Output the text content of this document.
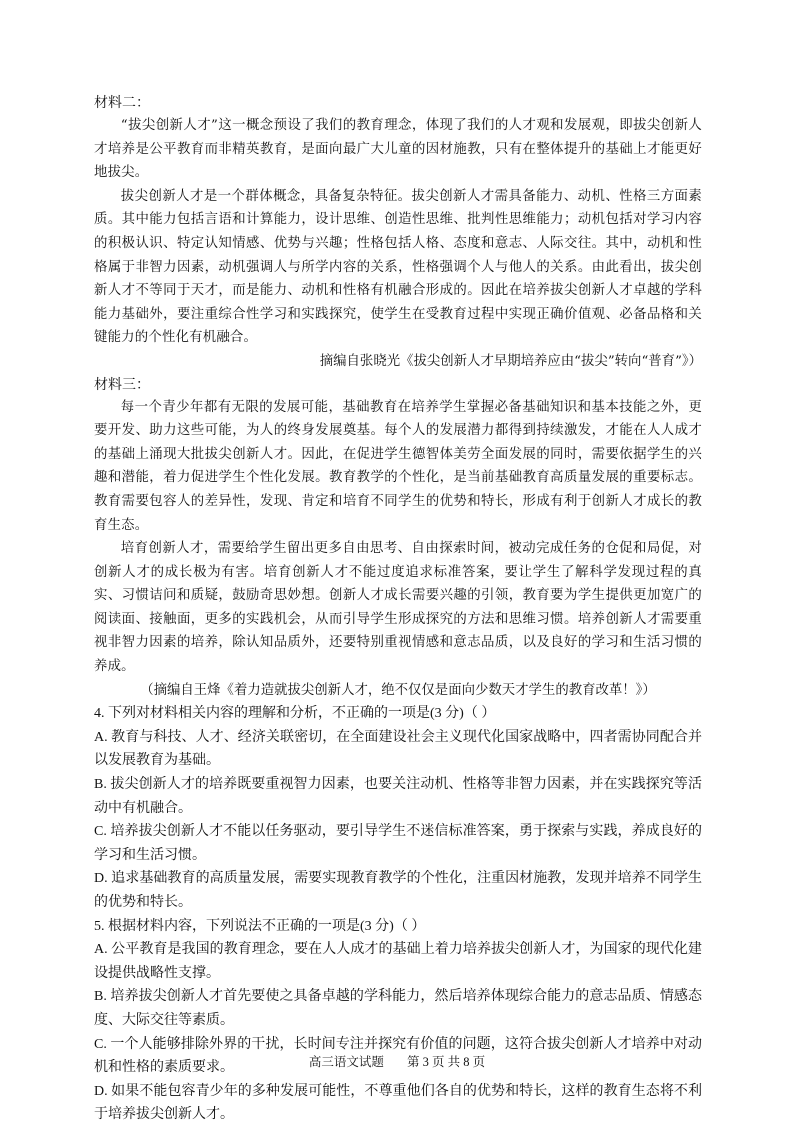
材料二：

“拔尖创新人才”这一概念预设了我们的教育理念，体现了我们的人才观和发展观，即拔尖创新人才培养是公平教育而非精英教育，是面向最广大儿童的因材施教，只有在整体提升的基础上才能更好地拔尖。

拔尖创新人才是一个群体概念，具备复杂特征。拔尖创新人才需具备能力、动机、性格三方面素质。其中能力包括言语和计算能力，设计思维、创造性思维、批判性思维能力；动机包括对学习内容的积极认识、特定认知情感、优势与兴趣；性格包括人格、态度和意志、人际交往。其中，动机和性格属于非智力因素，动机强调人与所学内容的关系，性格强调个人与他人的关系。由此看出，拔尖创新人才不等同于天才，而是能力、动机和性格有机融合形成的。因此在培养拔尖创新人才卓越的学科能力基础外，要注重综合性学习和实践探究，使学生在受教育过程中实现正确价值观、必备品格和关键能力的个性化有机融合。

摘编自张晓光《拔尖创新人才早期培养应由“拔尖”转向“普育”》）

材料三：

每一个青少年都有无限的发展可能，基础教育在培养学生掌握必备基础知识和基本技能之外，更要开发、助力这些可能，为人的终身发展奠基。每个人的发展潜力都得到持续激发，才能在人人成才的基础上涌现大批拔尖创新人才。因此，在促进学生德智体美劳全面发展的同时，需要依据学生的兴趣和潜能，着力促进学生个性化发展。教育教学的个性化，是当前基础教育高质量发展的重要标志。教育需要包容人的差异性，发现、肯定和培育不同学生的优势和特长，形成有利于创新人才成长的教育生态。

培育创新人才，需要给学生留出更多自由思考、自由探索时间，被动完成任务的仓促和局促，对创新人才的成长极为有害。培育创新人才不能过度追求标准答案，要让学生了解科学发现过程的真实、习惯诘问和质疑，鼓励奇思妙想。创新人才成长需要兴趣的引领，教育要为学生提供更加宽广的阅读面、接触面，更多的实践机会，从而引导学生形成探究的方法和思维习惯。培养创新人才需要重视非智力因素的培养，除认知品质外，还要特别重视情感和意志品质，以及良好的学习和生活习惯的养成。

（摘编自王烽《着力造就拔尖创新人才，绝不仅仅是面向少数天才学生的教育改革！》）

4. 下列对材料相关内容的理解和分析，不正确的一项是(3 分)（ ）

A. 教育与科技、人才、经济关联密切，在全面建设社会主义现代化国家战略中，四者需协同配合并以发展教育为基础。

B. 拔尖创新人才的培养既要重视智力因素，也要关注动机、性格等非智力因素，并在实践探究等活动中有机融合。

C. 培养拔尖创新人才不能以任务驱动，要引导学生不迷信标准答案，勇于探索与实践，养成良好的学习和生活习惯。

D. 追求基础教育的高质量发展，需要实现教育教学的个性化，注重因材施教，发现并培养不同学生的优势和特长。

5. 根据材料内容，下列说法不正确的一项是(3 分)（ ）

A. 公平教育是我国的教育理念，要在人人成才的基础上着力培养拔尖创新人才，为国家的现代化建设提供战略性支撑。

B. 培养拔尖创新人才首先要使之具备卓越的学科能力，然后培养体现综合能力的意志品质、情感态度、大际交往等素质。

C. 一个人能够排除外界的干扰，长时间专注并探究有价值的问题，这符合拔尖创新人才培养中对动机和性格的素质要求。

D. 如果不能包容青少年的多种发展可能性，不尊重他们各自的优势和特长，这样的教育生态将不利于培养拔尖创新人才。

高三语文试题 第 3 页 共 8 页
